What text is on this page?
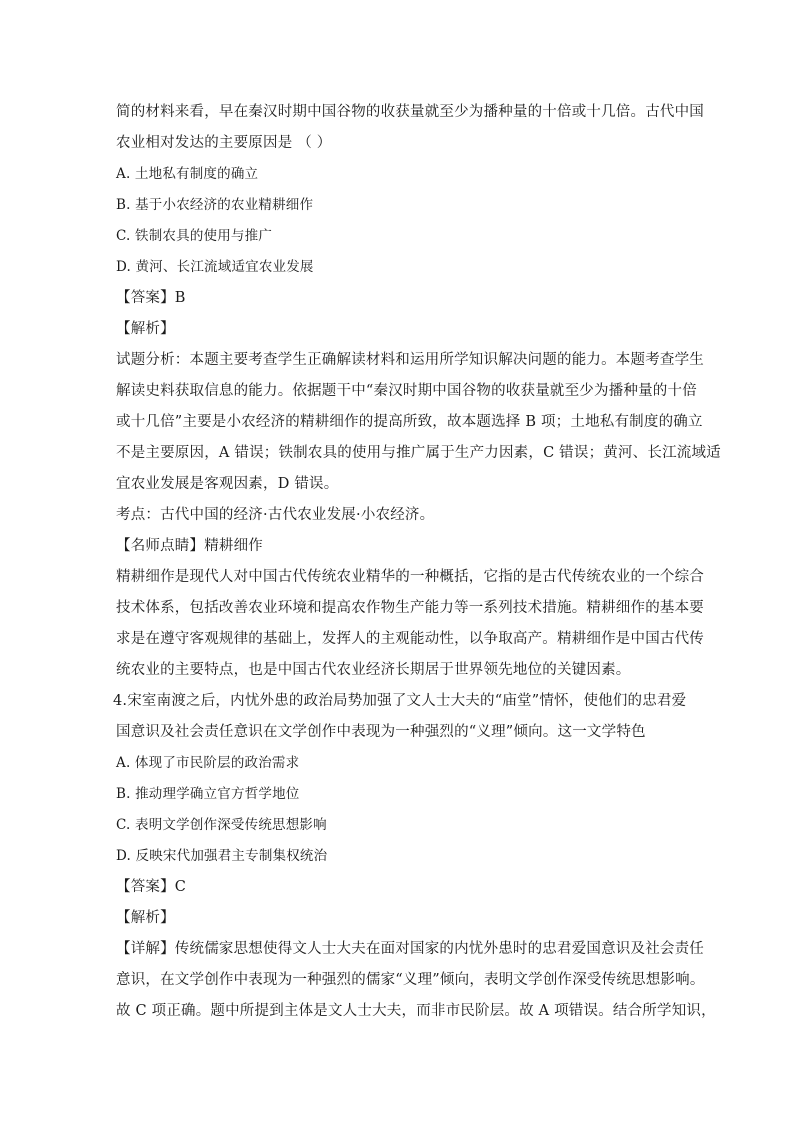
简的材料来看，早在秦汉时期中国谷物的收获量就至少为播种量的十倍或十几倍。古代中国
农业相对发达的主要原因是 （ ）
A. 土地私有制度的确立
B. 基于小农经济的农业精耕细作
C. 铁制农具的使用与推广
D. 黄河、长江流域适宜农业发展
【答案】B
【解析】
试题分析：本题主要考查学生正确解读材料和运用所学知识解决问题的能力。本题考查学生
解读史料获取信息的能力。依据题干中“秦汉时期中国谷物的收获量就至少为播种量的十倍
或十几倍”主要是小农经济的精耕细作的提高所致，故本题选择 B 项；土地私有制度的确立
不是主要原因，A 错误；铁制农具的使用与推广属于生产力因素，C 错误；黄河、长江流域适
宜农业发展是客观因素，D 错误。
考点：古代中国的经济·古代农业发展·小农经济。
【名师点睛】精耕细作
精耕细作是现代人对中国古代传统农业精华的一种概括，它指的是古代传统农业的一个综合
技术体系，包括改善农业环境和提高农作物生产能力等一系列技术措施。精耕细作的基本要
求是在遵守客观规律的基础上，发挥人的主观能动性，以争取高产。精耕细作是中国古代传
统农业的主要特点，也是中国古代农业经济长期居于世界领先地位的关键因素。
4.宋室南渡之后，内忧外患的政治局势加强了文人士大夫的“庙堂”情怀，使他们的忠君爱
国意识及社会责任意识在文学创作中表现为一种强烈的“义理”倾向。这一文学特色
A. 体现了市民阶层的政治需求
B. 推动理学确立官方哲学地位
C. 表明文学创作深受传统思想影响
D. 反映宋代加强君主专制集权统治
【答案】C
【解析】
【详解】传统儒家思想使得文人士大夫在面对国家的内忧外患时的忠君爱国意识及社会责任
意识，在文学创作中表现为一种强烈的儒家“义理”倾向，表明文学创作深受传统思想影响。
故 C 项正确。题中所提到主体是文人士大夫，而非市民阶层。故 A 项错误。结合所学知识，
